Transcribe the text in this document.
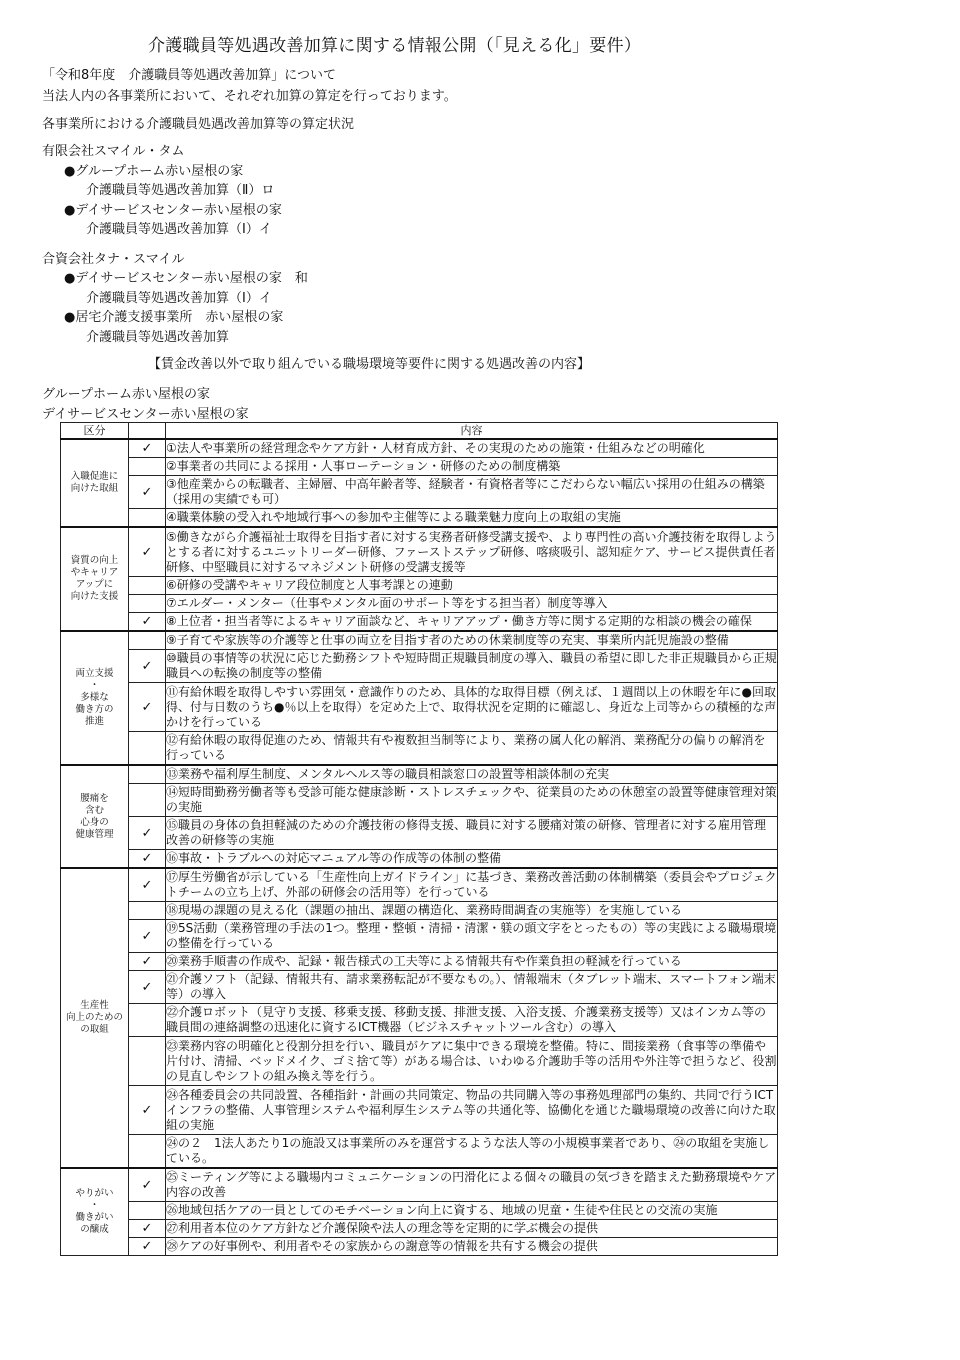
介護職員等処遇改善加算に関する情報公開（「見える化」要件）
「令和8年度　介護職員等処遇改善加算」について
当法人内の各事業所において、それぞれ加算の算定を行っております。
各事業所における介護職員処遇改善加算等の算定状況
有限会社スマイル・タム
●グループホーム赤い屋根の家
介護職員等処遇改善加算（Ⅱ）ロ
●デイサービスセンター赤い屋根の家
介護職員等処遇改善加算（Ⅰ）イ
合資会社タナ・スマイル
●デイサービスセンター赤い屋根の家　和
介護職員等処遇改善加算（Ⅰ）イ
●居宅介護支援事業所　赤い屋根の家
介護職員等処遇改善加算
【賃金改善以外で取り組んでいる職場環境等要件に関する処遇改善の内容】
グループホーム赤い屋根の家
デイサービスセンター赤い屋根の家
区分		内容
入職促進に
向けた取組	✓	①法人や事業所の経営理念やケア方針・人材育成方針、その実現のための施策・仕組みなどの明確化
		②事業者の共同による採用・人事ローテーション・研修のための制度構築
	✓	③他産業からの転職者、主婦層、中高年齢者等、経験者・有資格者等にこだわらない幅広い採用の仕組みの構築（採用の実績でも可）
		④職業体験の受入れや地域行事への参加や主催等による職業魅力度向上の取組の実施
資質の向上
やキャリア
アップに
向けた支援	✓	⑤働きながら介護福祉士取得を目指す者に対する実務者研修受講支援や、より専門性の高い介護技術を取得しようとする者に対するユニットリーダー研修、ファーストステップ研修、喀痰吸引、認知症ケア、サービス提供責任者研修、中堅職員に対するマネジメント研修の受講支援等
		⑥研修の受講やキャリア段位制度と人事考課との連動
		⑦エルダー・メンター（仕事やメンタル面のサポート等をする担当者）制度等導入
	✓	⑧上位者・担当者等によるキャリア面談など、キャリアアップ・働き方等に関する定期的な相談の機会の確保
両立支援
・
多様な
働き方の
推進		⑨子育てや家族等の介護等と仕事の両立を目指す者のための休業制度等の充実、事業所内託児施設の整備
	✓	⑩職員の事情等の状況に応じた勤務シフトや短時間正規職員制度の導入、職員の希望に即した非正規職員から正規職員への転換の制度等の整備
	✓	⑪有給休暇を取得しやすい雰囲気・意識作りのため、具体的な取得目標（例えば、１週間以上の休暇を年に●回取得、付与日数のうち●％以上を取得）を定めた上で、取得状況を定期的に確認し、身近な上司等からの積極的な声かけを行っている
		⑫有給休暇の取得促進のため、情報共有や複数担当制等により、業務の属人化の解消、業務配分の偏りの解消を行っている
腰痛を
含む
心身の
健康管理		⑬業務や福利厚生制度、メンタルヘルス等の職員相談窓口の設置等相談体制の充実
		⑭短時間勤務労働者等も受診可能な健康診断・ストレスチェックや、従業員のための休憩室の設置等健康管理対策の実施
	✓	⑮職員の身体の負担軽減のための介護技術の修得支援、職員に対する腰痛対策の研修、管理者に対する雇用管理改善の研修等の実施
	✓	⑯事故・トラブルへの対応マニュアル等の作成等の体制の整備
生産性
向上のための
の取組	✓	⑰厚生労働省が示している「生産性向上ガイドライン」に基づき、業務改善活動の体制構築（委員会やプロジェクトチームの立ち上げ、外部の研修会の活用等）を行っている
		⑱現場の課題の見える化（課題の抽出、課題の構造化、業務時間調査の実施等）を実施している
	✓	⑲5S活動（業務管理の手法の1つ。整理・整頓・清掃・清潔・躾の頭文字をとったもの）等の実践による職場環境の整備を行っている
	✓	⑳業務手順書の作成や、記録・報告様式の工夫等による情報共有や作業負担の軽減を行っている
	✓	㉑介護ソフト（記録、情報共有、請求業務転記が不要なもの。）、情報端末（タブレット端末、スマートフォン端末等）の導入
		㉒介護ロボット（見守り支援、移乗支援、移動支援、排泄支援、入浴支援、介護業務支援等）又はインカム等の職員間の連絡調整の迅速化に資するICT機器（ビジネスチャットツール含む）の導入
		㉓業務内容の明確化と役割分担を行い、職員がケアに集中できる環境を整備。特に、間接業務（食事等の準備や片付け、清掃、ベッドメイク、ゴミ捨て等）がある場合は、いわゆる介護助手等の活用や外注等で担うなど、役割の見直しやシフトの組み換え等を行う。
	✓	㉔各種委員会の共同設置、各種指針・計画の共同策定、物品の共同購入等の事務処理部門の集約、共同で行うICTインフラの整備、人事管理システムや福利厚生システム等の共通化等、協働化を通じた職場環境の改善に向けた取組の実施
		㉔の２　1法人あたり1の施設又は事業所のみを運営するような法人等の小規模事業者であり、㉔の取組を実施している。
やりがい
・
働きがい
の醸成	✓	㉕ミーティング等による職場内コミュニケーションの円滑化による個々の職員の気づきを踏まえた勤務環境やケア内容の改善
		㉖地域包括ケアの一員としてのモチベーション向上に資する、地域の児童・生徒や住民との交流の実施
	✓	㉗利用者本位のケア方針など介護保険や法人の理念等を定期的に学ぶ機会の提供
	✓	㉘ケアの好事例や、利用者やその家族からの謝意等の情報を共有する機会の提供
